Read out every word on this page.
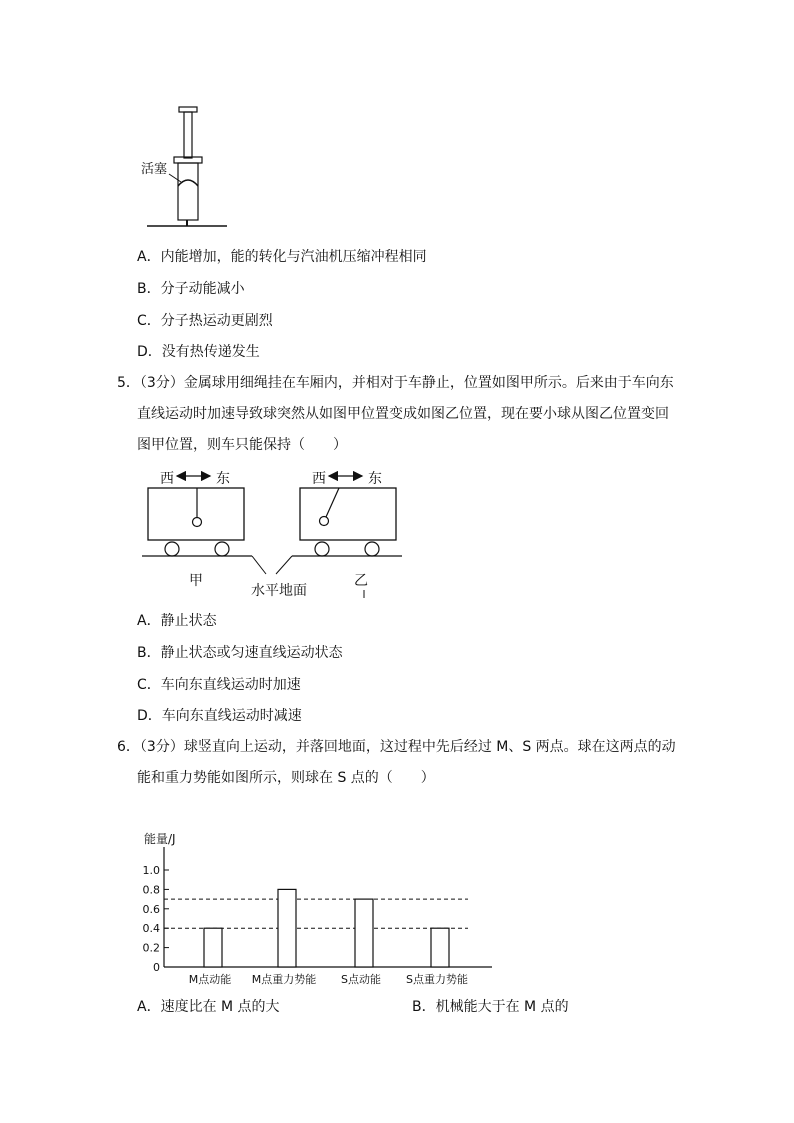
活塞
A．内能增加，能的转化与汽油机压缩冲程相同
B．分子动能减小
C．分子热运动更剧烈
D．没有热传递发生
5．（3分）金属球用细绳挂在车厢内，并相对于车静止，位置如图甲所示。后来由于车向东
直线运动时加速导致球突然从如图甲位置变成如图乙位置，现在要小球从图乙位置变回
图甲位置，则车只能保持（　　）
西	东	西	东
甲	乙
水平地面
A．静止状态
B．静止状态或匀速直线运动状态
C．车向东直线运动时加速
D．车向东直线运动时减速
6．（3分）球竖直向上运动，并落回地面，这过程中先后经过 M、S 两点。球在这两点的动
能和重力势能如图所示，则球在 S 点的（　　）
能量/J
0
0.2
0.4
0.6
0.8
1.0
M点动能 M点重力势能 S点动能 S点重力势能
A．速度比在 M 点的大	B．机械能大于在 M 点的
